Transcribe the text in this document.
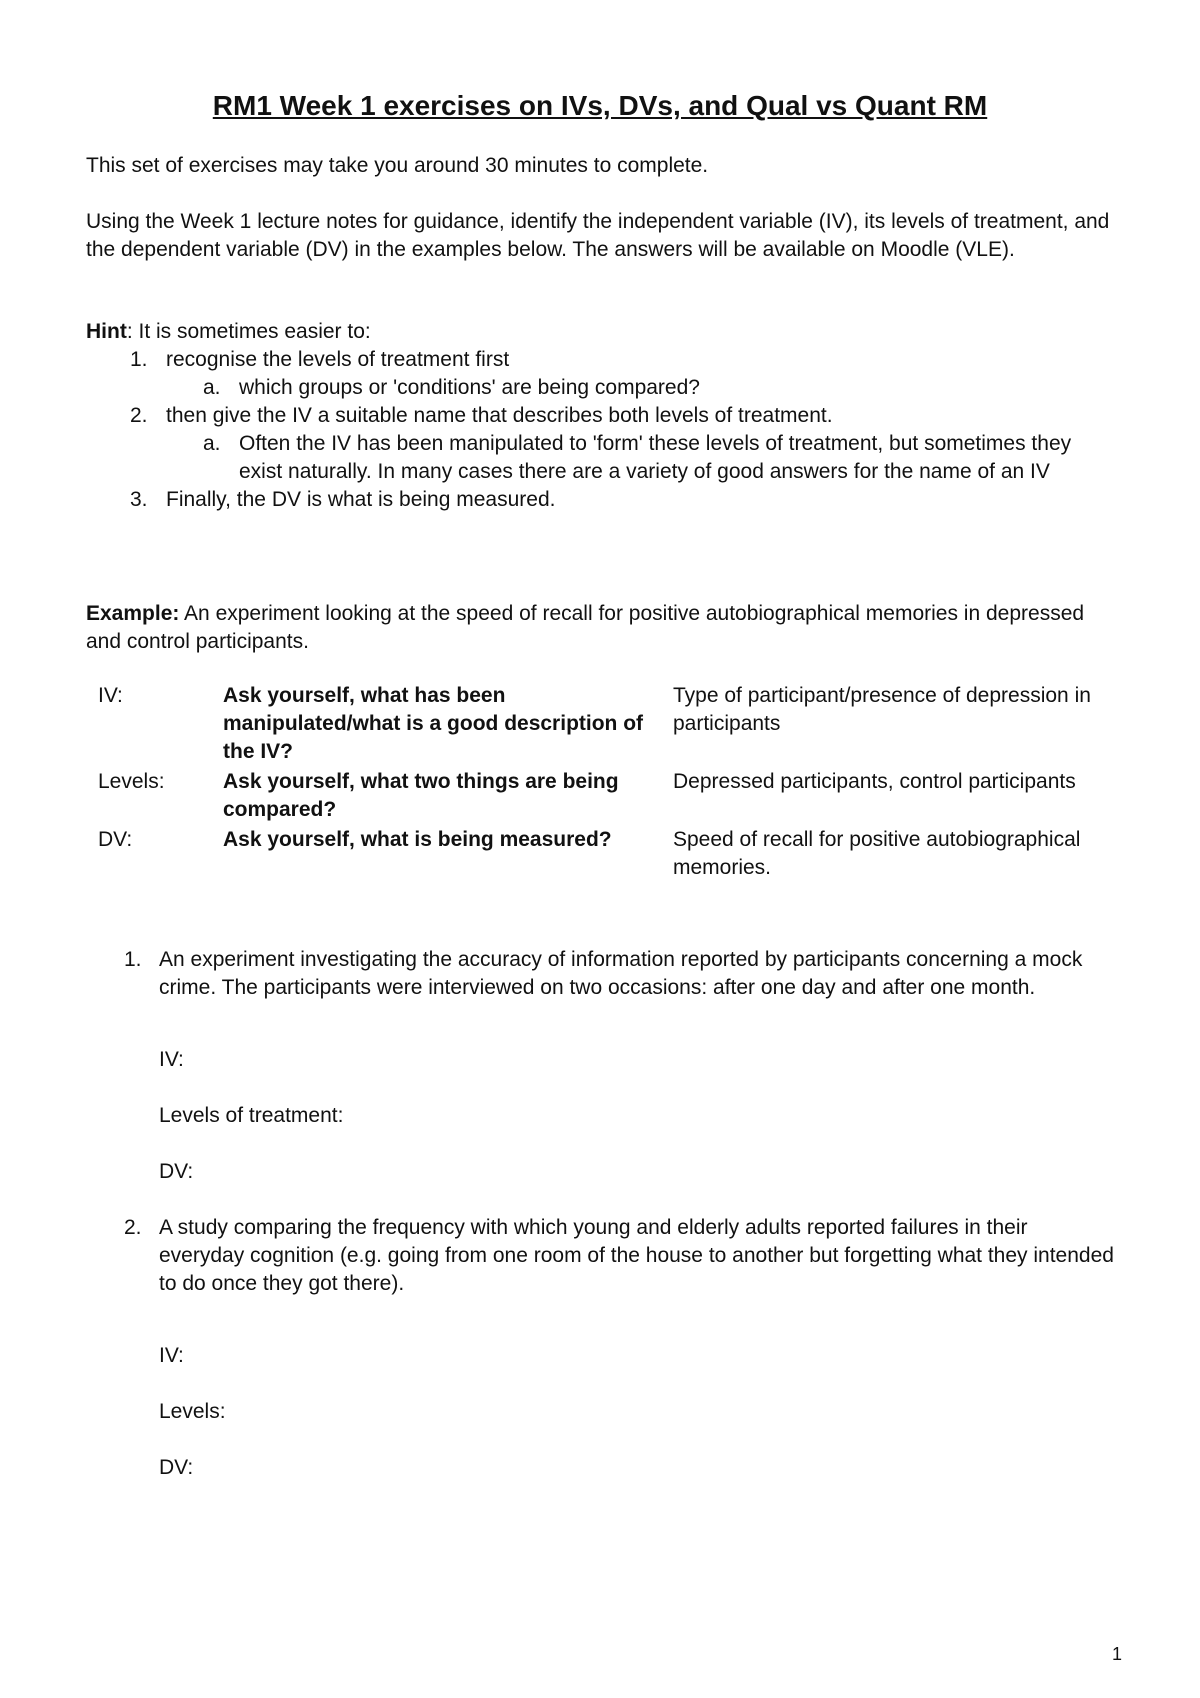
RM1 Week 1 exercises on IVs, DVs, and Qual vs Quant RM

This set of exercises may take you around 30 minutes to complete.

Using the Week 1 lecture notes for guidance, identify the independent variable (IV), its levels of treatment, and the dependent variable (DV) in the examples below. The answers will be available on Moodle (VLE).

Hint: It is sometimes easier to:

1. recognise the levels of treatment first
a. which groups or 'conditions' are being compared?
2. then give the IV a suitable name that describes both levels of treatment.
a. Often the IV has been manipulated to 'form' these levels of treatment, but sometimes they exist naturally. In many cases there are a variety of good answers for the name of an IV
3. Finally, the DV is what is being measured.

Example: An experiment looking at the speed of recall for positive autobiographical memories in depressed and control participants.

IV:	Ask yourself, what has been manipulated/what is a good description of the IV?	Type of participant/presence of depression in participants
Levels:	Ask yourself, what two things are being compared?	Depressed participants, control participants
DV:	Ask yourself, what is being measured?	Speed of recall for positive autobiographical memories.
1. An experiment investigating the accuracy of information reported by participants concerning a mock crime. The participants were interviewed on two occasions: after one day and after one month.
IV:
Levels of treatment:
DV:
2. A study comparing the frequency with which young and elderly adults reported failures in their everyday cognition (e.g. going from one room of the house to another but forgetting what they intended to do once they got there).
IV:
Levels:
DV:
1
